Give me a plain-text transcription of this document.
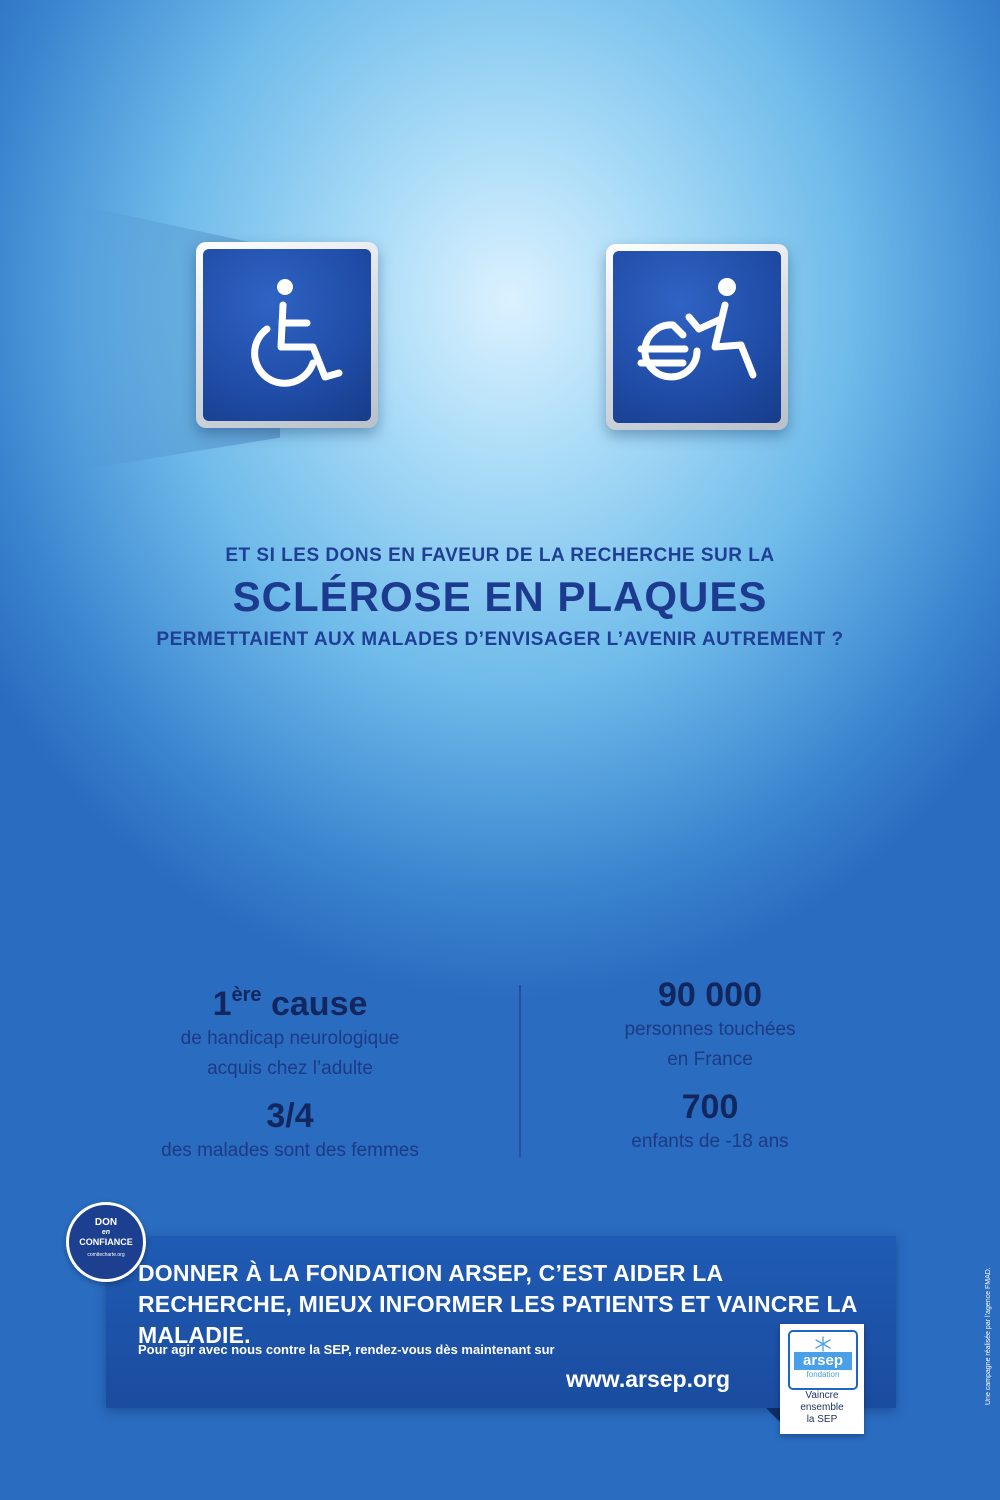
ET SI LES DONS EN FAVEUR DE LA RECHERCHE SUR LA
SCLÉROSE EN PLAQUES
PERMETTAIENT AUX MALADES D’ENVISAGER L’AVENIR AUTREMENT ?
1ère cause
de handicap neurologique
acquis chez l’adulte
3/4
des malades sont des femmes
90 000
personnes touchées
en France
700
enfants de -18 ans
DONNER À LA FONDATION ARSEP, C’EST AIDER LA RECHERCHE, MIEUX INFORMER LES PATIENTS ET VAINCRE LA MALADIE.
Pour agir avec nous contre la SEP, rendez-vous dès maintenant sur
www.arsep.org
DON
en
CONFIANCE
comitecharte.org
arsep
fondation
Vaincre
ensemble
la SEP
Une campagne réalisée par l’agence FMAD.
